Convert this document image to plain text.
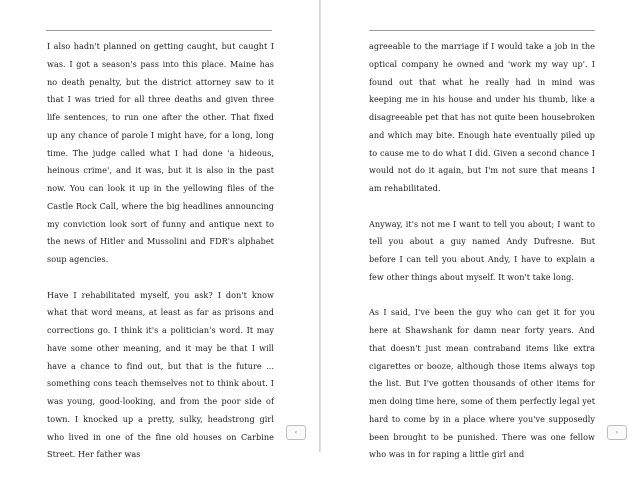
I also hadn't planned on getting caught, but caught I was. I got a season's pass into this place. Maine has no death penalty, but the district attorney saw to it that I was tried for all three deaths and given three life sentences, to run one after the other. That fixed up any chance of parole I might have, for a long, long time. The judge called what I had done 'a hideous, heinous crime', and it was, but it is also in the past now. You can look it up in the yellowing files of the Castle Rock Call, where the big headlines announcing my conviction look sort of funny and antique next to the news of Hitler and Mussolini and FDR's alphabet soup agencies.

Have I rehabilitated myself, you ask? I don't know what that word means, at least as far as prisons and corrections go. I think it's a politician's word. It may have some other meaning, and it may be that I will have a chance to find out, but that is the future ... something cons teach themselves not to think about. I was young, good-looking, and from the poor side of town. I knocked up a pretty, sulky, headstrong girl who lived in one of the fine old houses on Carbine Street. Her father was

‹

agreeable to the marriage if I would take a job in the optical company he owned and 'work my way up'. I found out that what he really had in mind was keeping me in his house and under his thumb, like a disagreeable pet that has not quite been housebroken and which may bite. Enough hate eventually piled up to cause me to do what I did. Given a second chance I would not do it again, but I'm not sure that means I am rehabilitated.

Anyway, it's not me I want to tell you about; I want to tell you about a guy named Andy Dufresne. But before I can tell you about Andy, I have to explain a few other things about myself. It won't take long.

As I said, I've been the guy who can get it for you here at Shawshank for damn near forty years. And that doesn't just mean contraband items like extra cigarettes or booze, although those items always top the list. But I've gotten thousands of other items for men doing time here, some of them perfectly legal yet hard to come by in a place where you've supposedly been brought to be punished. There was one fellow who was in for raping a little girl and

›
